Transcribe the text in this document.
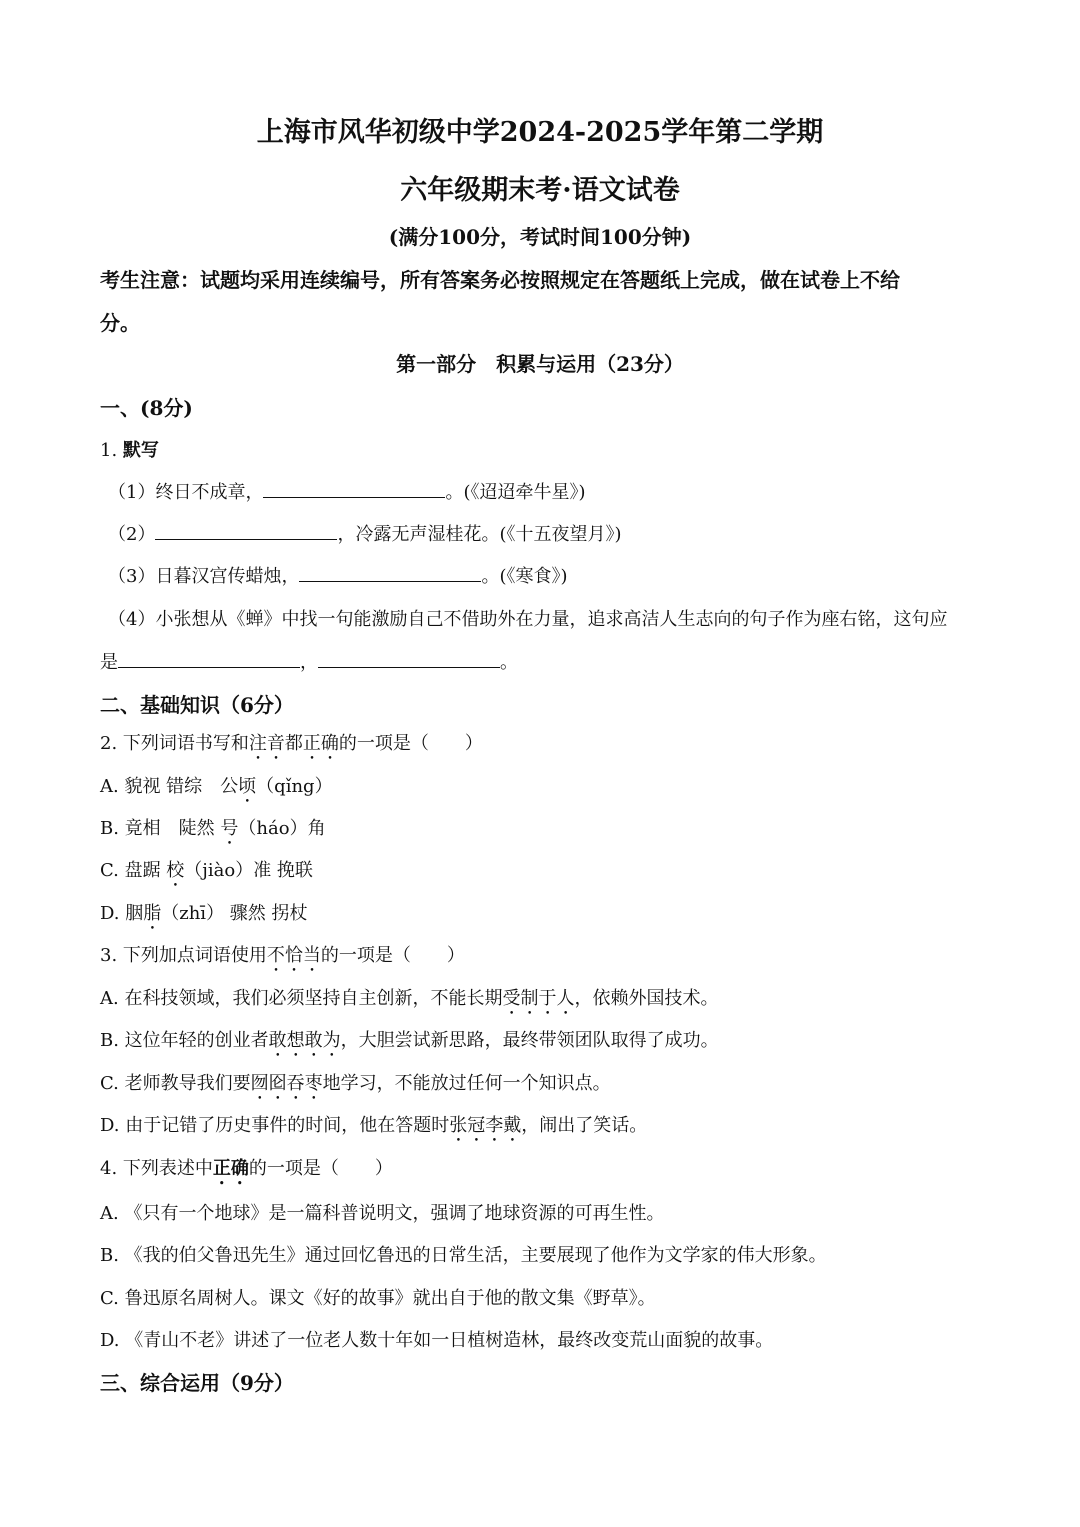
上海市风华初级中学2024-2025学年第二学期
六年级期末考·语文试卷
(满分100分，考试时间100分钟)
考生注意：试题均采用连续编号，所有答案务必按照规定在答题纸上完成，做在试卷上不给
分。
第一部分　积累与运用（23分）
一、(8分)
1. 默写
（1）终日不成章，	。(《迢迢牵牛星》)
（2）	，冷露无声湿桂花。(《十五夜望月》)
（3）日暮汉宫传蜡烛，	。(《寒食》)
（4）小张想从《蝉》中找一句能激励自己不借助外在力量，追求高洁人生志向的句子作为座右铭，这句应
是	，	。
二、基础知识（6分）
2. 下列词语书写和注音都正确的一项是（　　）
A. 貌视 错综　公顷（qǐng）
B. 竟相　陡然 号（háo）角
C. 盘踞 校（jiào）准 挽联
D. 胭脂（zhī） 骤然 拐杖
3. 下列加点词语使用不恰当的一项是（　　）
A. 在科技领域，我们必须坚持自主创新，不能长期受制于人，依赖外国技术。
B. 这位年轻的创业者敢想敢为，大胆尝试新思路，最终带领团队取得了成功。
C. 老师教导我们要囫囵吞枣地学习，不能放过任何一个知识点。
D. 由于记错了历史事件的时间，他在答题时张冠李戴，闹出了笑话。
4. 下列表述中正确的一项是（　　）
A. 《只有一个地球》是一篇科普说明文，强调了地球资源的可再生性。
B. 《我的伯父鲁迅先生》通过回忆鲁迅的日常生活，主要展现了他作为文学家的伟大形象。
C. 鲁迅原名周树人。课文《好的故事》就出自于他的散文集《野草》。
D. 《青山不老》讲述了一位老人数十年如一日植树造林，最终改变荒山面貌的故事。
三、综合运用（9分）
